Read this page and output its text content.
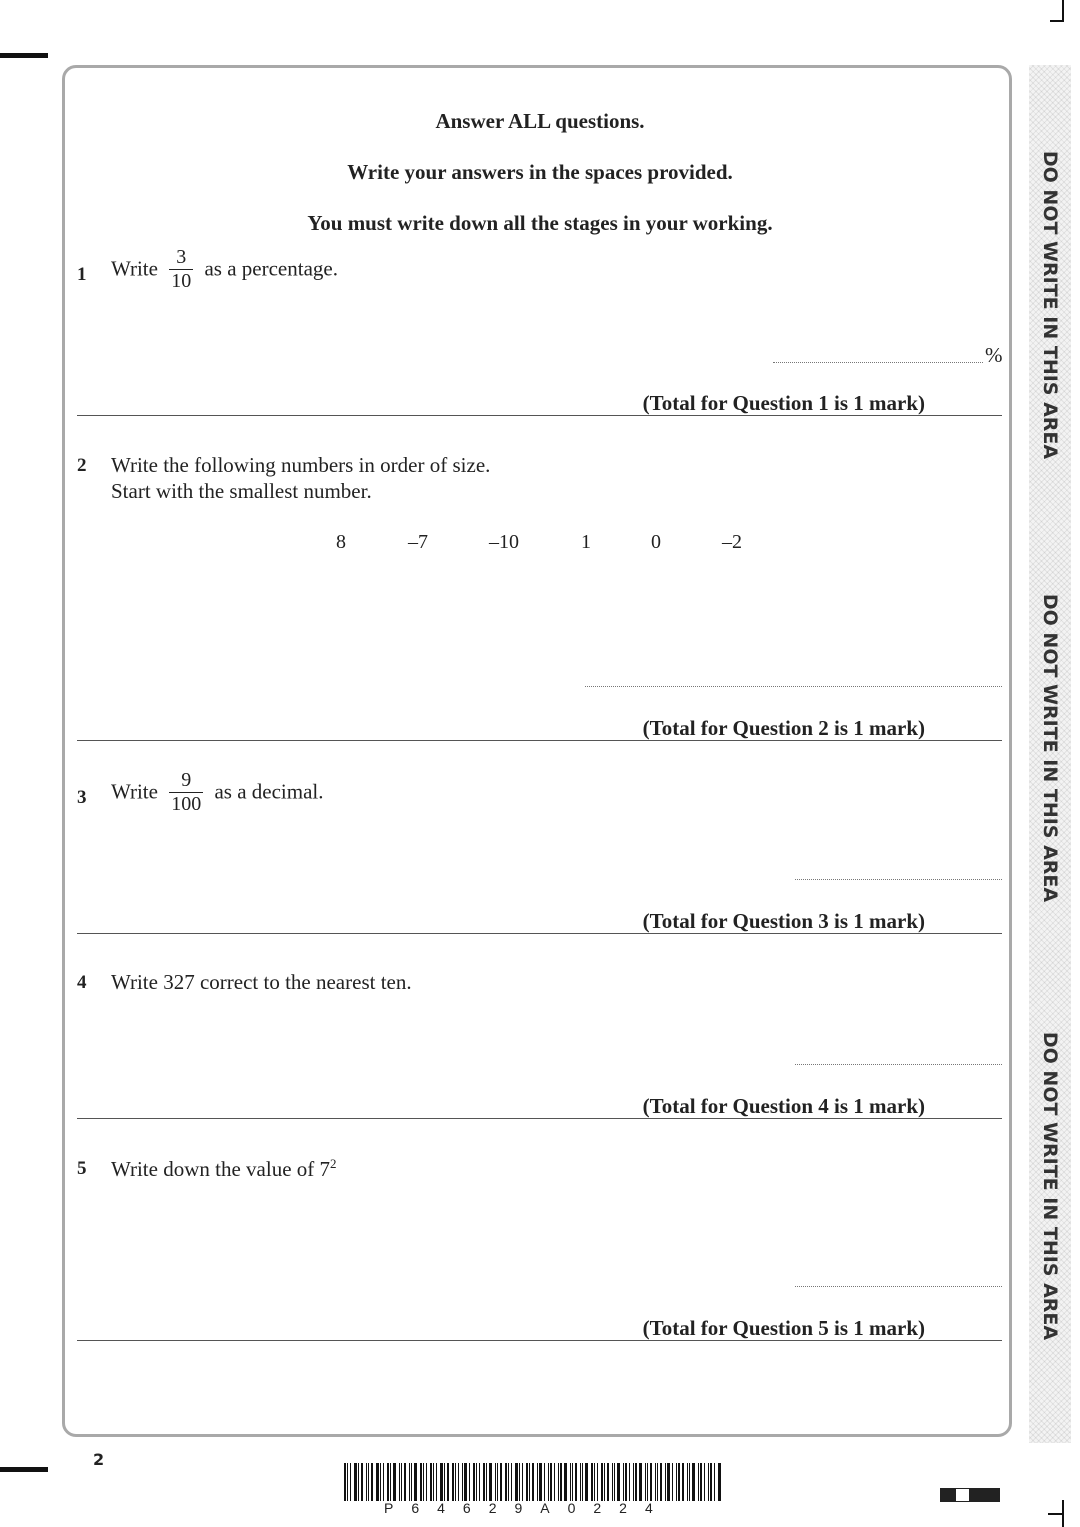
DO NOT WRITE IN THIS AREA
DO NOT WRITE IN THIS AREA
DO NOT WRITE IN THIS AREA
Answer ALL questions.
Write your answers in the spaces provided.
You must write down all the stages in your working.
1 Write $\frac{3}{10}$ as a percentage.
%
(Total for Question 1 is 1 mark)
2 Write the following numbers in order of size.
Start with the smallest number.
8	–7	–10	1	0	–2
(Total for Question 2 is 1 mark)
3 Write $\frac{9}{100}$ as a decimal.
(Total for Question 3 is 1 mark)
4 Write 327 correct to the nearest ten.
(Total for Question 4 is 1 mark)
5 Write down the value of $7^2$
(Total for Question 5 is 1 mark)
2
P64629A0224
